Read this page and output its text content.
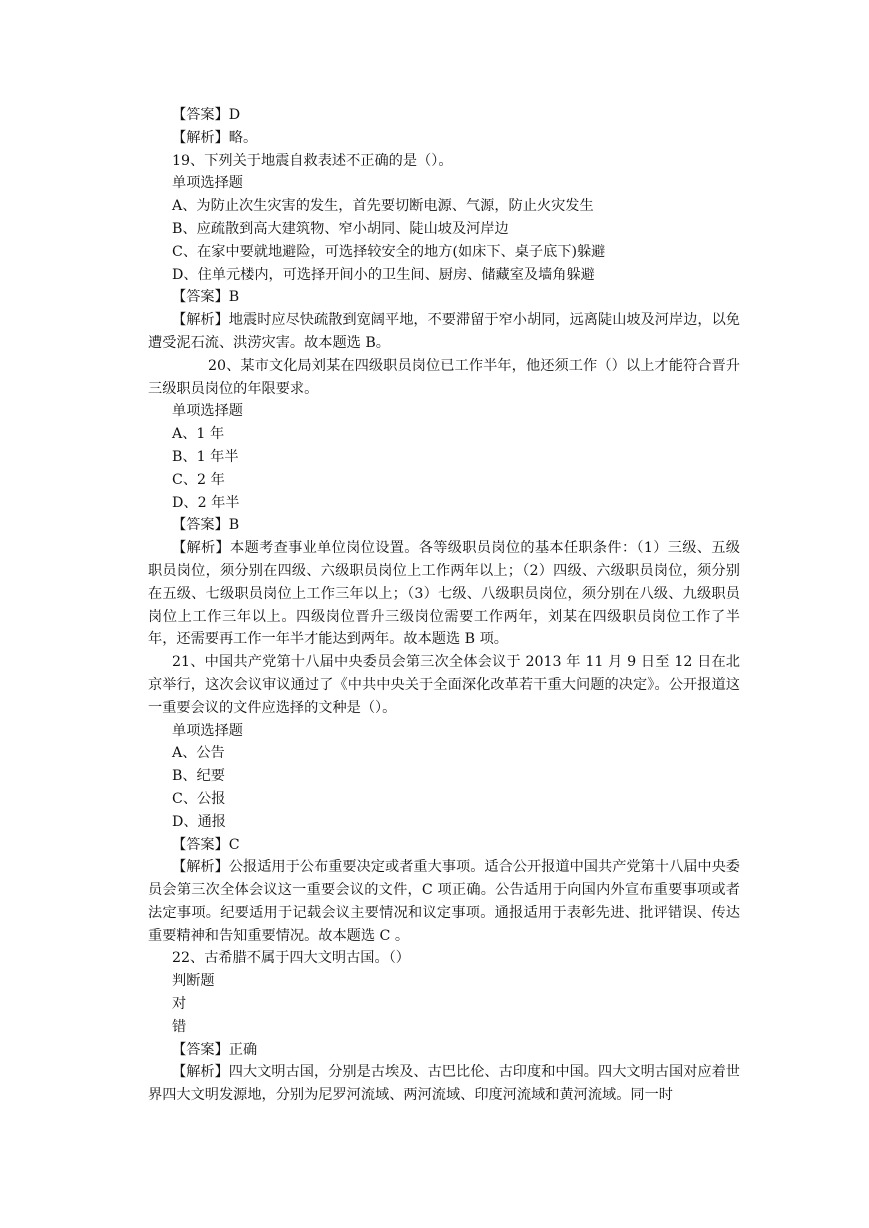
【答案】D

【解析】略。

19、下列关于地震自救表述不正确的是（）。

单项选择题

A、为防止次生灾害的发生，首先要切断电源、气源，防止火灾发生

B、应疏散到高大建筑物、窄小胡同、陡山坡及河岸边

C、在家中要就地避险，可选择较安全的地方(如床下、桌子底下)躲避

D、住单元楼内，可选择开间小的卫生间、厨房、储藏室及墙角躲避

【答案】B

【解析】地震时应尽快疏散到宽阔平地，不要滞留于窄小胡同，远离陡山坡及河岸边，以免遭受泥石流、洪涝灾害。故本题选 B。

20、某市文化局刘某在四级职员岗位已工作半年，他还须工作（）以上才能符合晋升三级职员岗位的年限要求。

单项选择题

A、1 年

B、1 年半

C、2 年

D、2 年半

【答案】B

【解析】本题考查事业单位岗位设置。各等级职员岗位的基本任职条件：（1）三级、五级职员岗位，须分别在四级、六级职员岗位上工作两年以上；（2）四级、六级职员岗位，须分别在五级、七级职员岗位上工作三年以上；（3）七级、八级职员岗位，须分别在八级、九级职员岗位上工作三年以上。四级岗位晋升三级岗位需要工作两年，刘某在四级职员岗位工作了半年，还需要再工作一年半才能达到两年。故本题选 B 项。

21、中国共产党第十八届中央委员会第三次全体会议于 2013 年 11 月 9 日至 12 日在北京举行，这次会议审议通过了《中共中央关于全面深化改革若干重大问题的决定》。公开报道这一重要会议的文件应选择的文种是（）。

单项选择题

A、公告

B、纪要

C、公报

D、通报

【答案】C

【解析】公报适用于公布重要决定或者重大事项。适合公开报道中国共产党第十八届中央委员会第三次全体会议这一重要会议的文件，C 项正确。公告适用于向国内外宣布重要事项或者法定事项。纪要适用于记载会议主要情况和议定事项。通报适用于表彰先进、批评错误、传达重要精神和告知重要情况。故本题选 C 。

22、古希腊不属于四大文明古国。（）

判断题

对

错

【答案】正确

【解析】四大文明古国，分别是古埃及、古巴比伦、古印度和中国。四大文明古国对应着世界四大文明发源地，分别为尼罗河流域、两河流域、印度河流域和黄河流域。同一时
